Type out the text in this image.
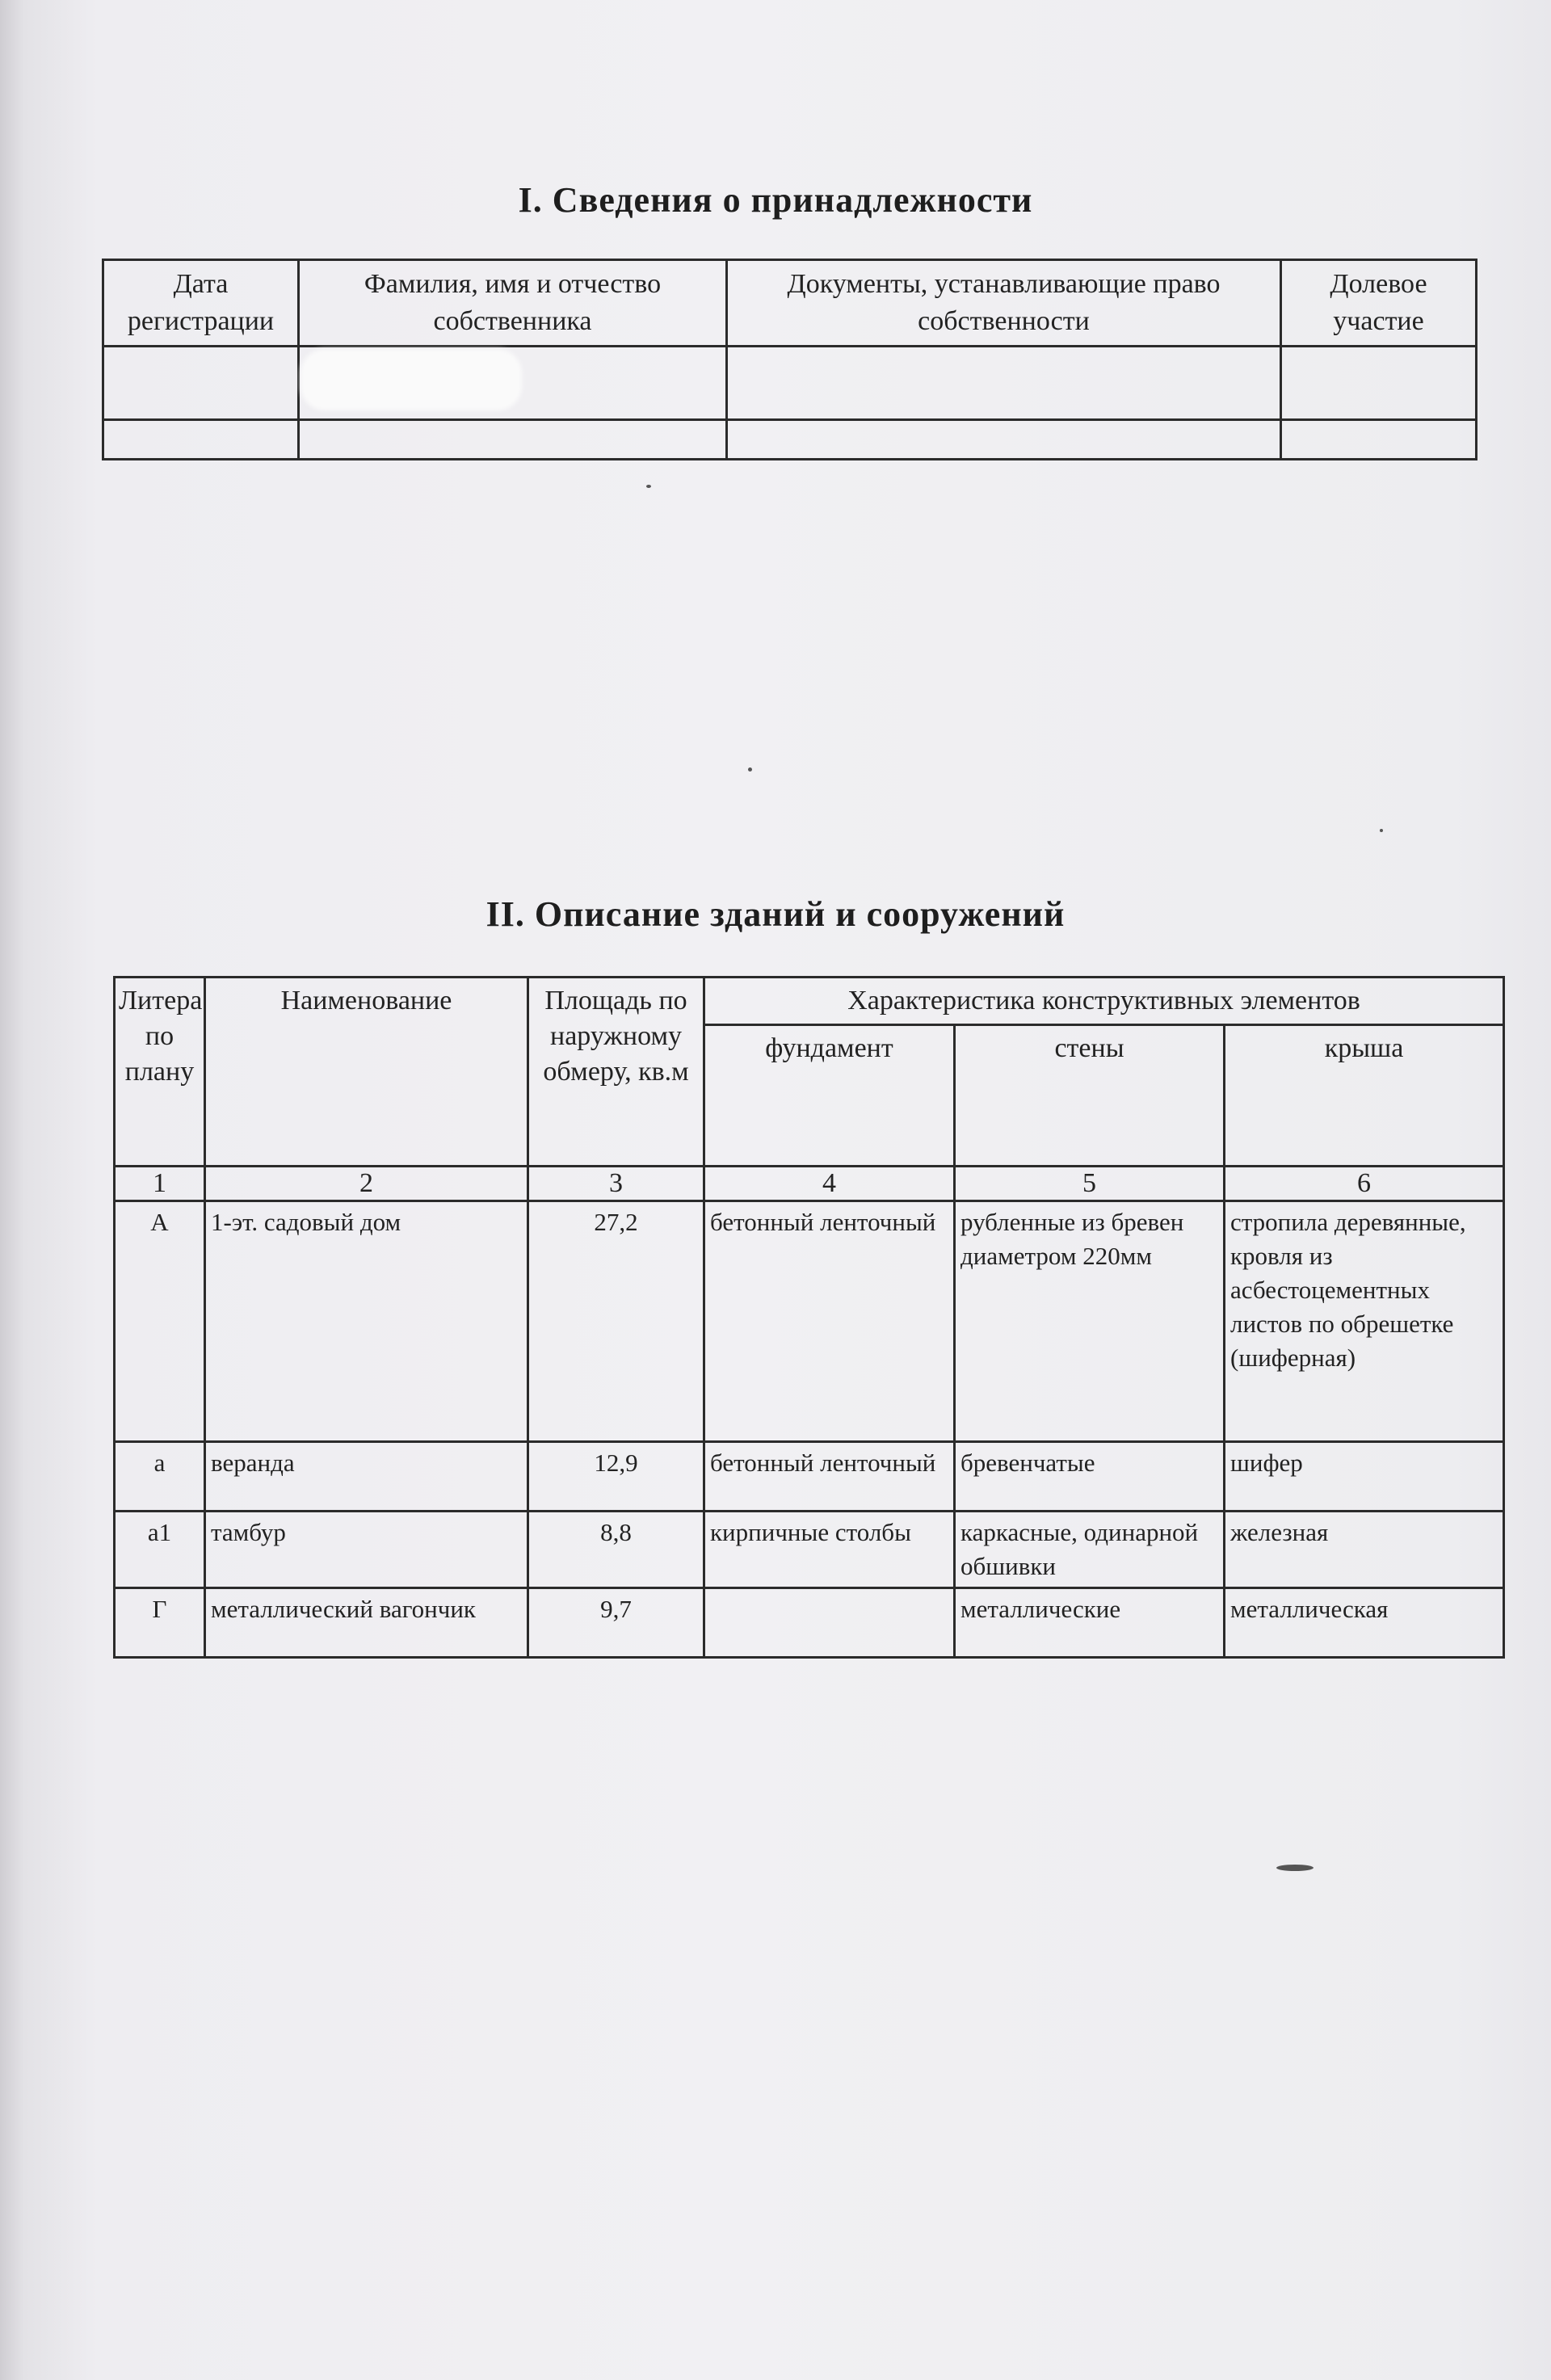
I. Сведения о принадлежности
Дата регистрации	Фамилия, имя и отчество собственника	Документы, устанавливающие право собственности	Долевое участие

II. Описание зданий и сооружений
Литера по плану	Наименование	Площадь по наружному обмеру, кв.м	Характеристика конструктивных элементов		
			фундамент	стены	крыша
1	2	3	4	5	6
А	1-эт. садовый дом	27,2	бетонный ленточный	рубленные из бревен диаметром 220мм	стропила деревянные, кровля из асбестоцементных листов по обрешетке (шиферная)
а	веранда	12,9	бетонный ленточный	бревенчатые	шифер
а1	тамбур	8,8	кирпичные столбы	каркасные, одинарной обшивки	железная
Г	металлический вагончик	9,7		металлические	металлическая
